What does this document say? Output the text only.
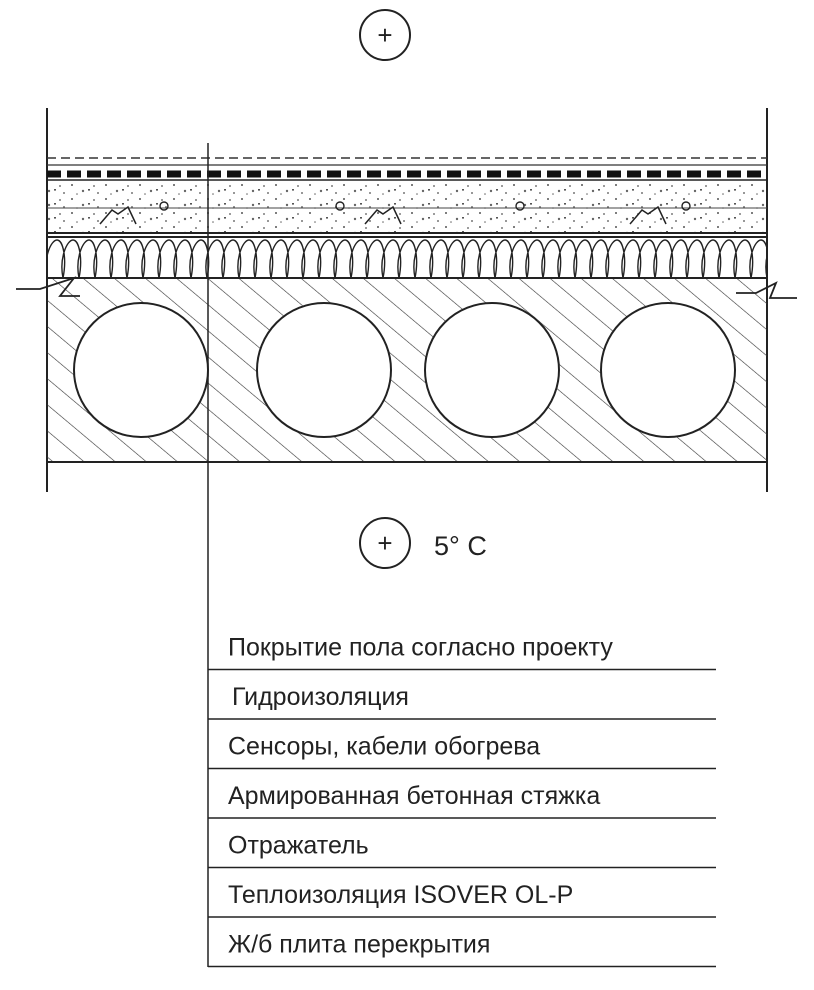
+
+ 5° C
Покрытие пола согласно проекту
Гидроизоляция
Сенсоры, кабели обогрева
Армированная бетонная стяжка
Отражатель
Теплоизоляция ISOVER OL-P
Ж/б плита перекрытия
